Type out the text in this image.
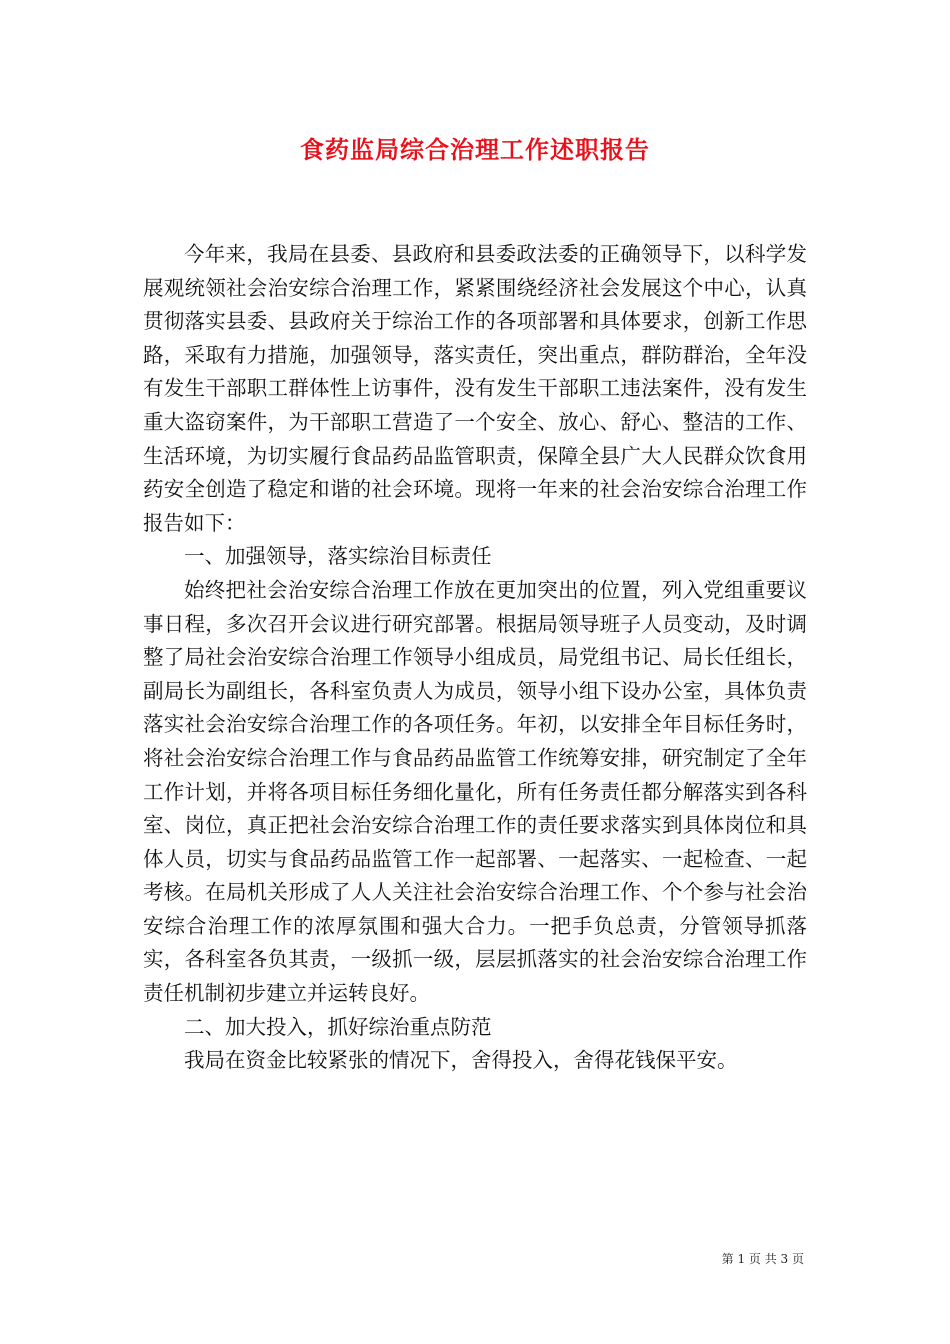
食药监局综合治理工作述职报告

今年来，我局在县委、县政府和县委政法委的正确领导下，以科学发展观统领社会治安综合治理工作，紧紧围绕经济社会发展这个中心，认真贯彻落实县委、县政府关于综治工作的各项部署和具体要求，创新工作思路，采取有力措施，加强领导，落实责任，突出重点，群防群治，全年没有发生干部职工群体性上访事件，没有发生干部职工违法案件，没有发生重大盗窃案件，为干部职工营造了一个安全、放心、舒心、整洁的工作、生活环境，为切实履行食品药品监管职责，保障全县广大人民群众饮食用药安全创造了稳定和谐的社会环境。现将一年来的社会治安综合治理工作报告如下：

一、加强领导，落实综治目标责任

始终把社会治安综合治理工作放在更加突出的位置，列入党组重要议事日程，多次召开会议进行研究部署。根据局领导班子人员变动，及时调整了局社会治安综合治理工作领导小组成员，局党组书记、局长任组长，副局长为副组长，各科室负责人为成员，领导小组下设办公室，具体负责落实社会治安综合治理工作的各项任务。年初，以安排全年目标任务时，将社会治安综合治理工作与食品药品监管工作统筹安排，研究制定了全年工作计划，并将各项目标任务细化量化，所有任务责任都分解落实到各科室、岗位，真正把社会治安综合治理工作的责任要求落实到具体岗位和具体人员，切实与食品药品监管工作一起部署、一起落实、一起检查、一起考核。在局机关形成了人人关注社会治安综合治理工作、个个参与社会治安综合治理工作的浓厚氛围和强大合力。一把手负总责，分管领导抓落实，各科室各负其责，一级抓一级，层层抓落实的社会治安综合治理工作责任机制初步建立并运转良好。

二、加大投入，抓好综治重点防范

我局在资金比较紧张的情况下，舍得投入，舍得花钱保平安。

第 1 页 共 3 页
